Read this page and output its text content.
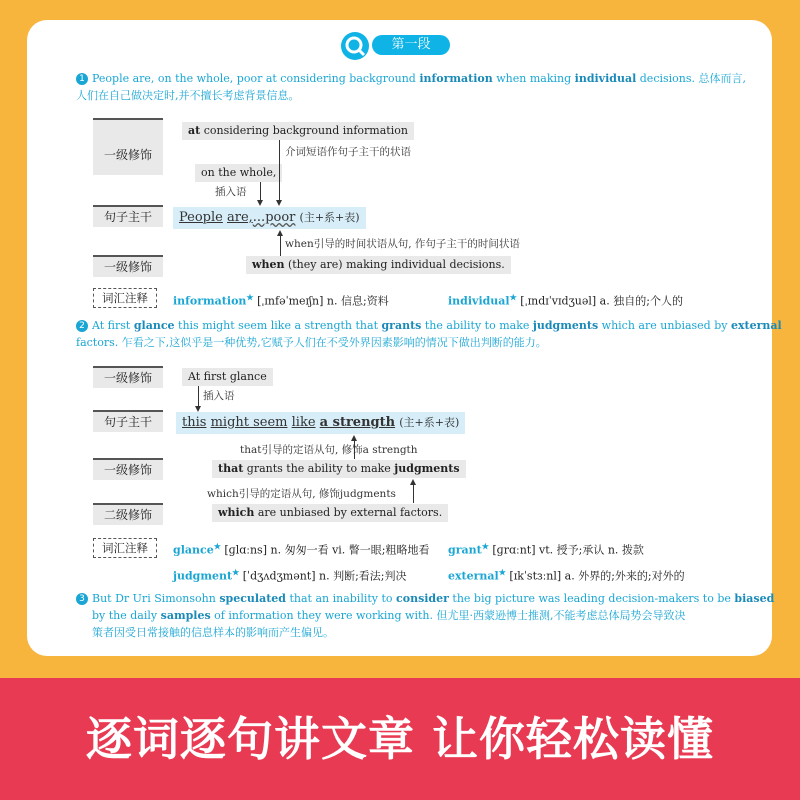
第一段
1 People are, on the whole, poor at considering background information when making individual decisions. 总体而言,
人们在自己做决定时,并不擅长考虑背景信息。
一级修饰
at considering background information
介词短语作句子主干的状语
on the whole,
插入语
句子主干	People are,...poor (主+系+表)
when引导的时间状语从句, 作句子主干的时间状语
一级修饰	when (they are) making individual decisions.
词汇注释	information★ [ˌɪnfəˈmeɪʃn] n. 信息;资料	individual★ [ˌɪndɪˈvɪdʒuəl] a. 独自的;个人的
2 At first glance this might seem like a strength that grants the ability to make judgments which are unbiased by external
factors. 乍看之下,这似乎是一种优势,它赋予人们在不受外界因素影响的情况下做出判断的能力。
一级修饰	At first glance
插入语
句子主干	this might seem like a strength (主+系+表)
that引导的定语从句, 修饰a strength
一级修饰	that grants the ability to make judgments
which引导的定语从句, 修饰judgments
二级修饰	which are unbiased by external factors.
词汇注释	glance★ [ɡlɑːns] n. 匆匆一看 vi. 瞥一眼;粗略地看 grant★ [ɡrɑːnt] vt. 授予;承认 n. 拨款
judgment★ [ˈdʒʌdʒmənt] n. 判断;看法;判决	external★ [ɪkˈstɜːnl] a. 外界的;外来的;对外的
3 But Dr Uri Simonsohn speculated that an inability to consider the big picture was leading decision-makers to be biased
by the daily samples of information they were working with. 但尤里·西蒙逊博士推测,不能考虑总体局势会导致决
策者因受日常接触的信息样本的影响而产生偏见。
逐词逐句讲文章 让你轻松读懂
